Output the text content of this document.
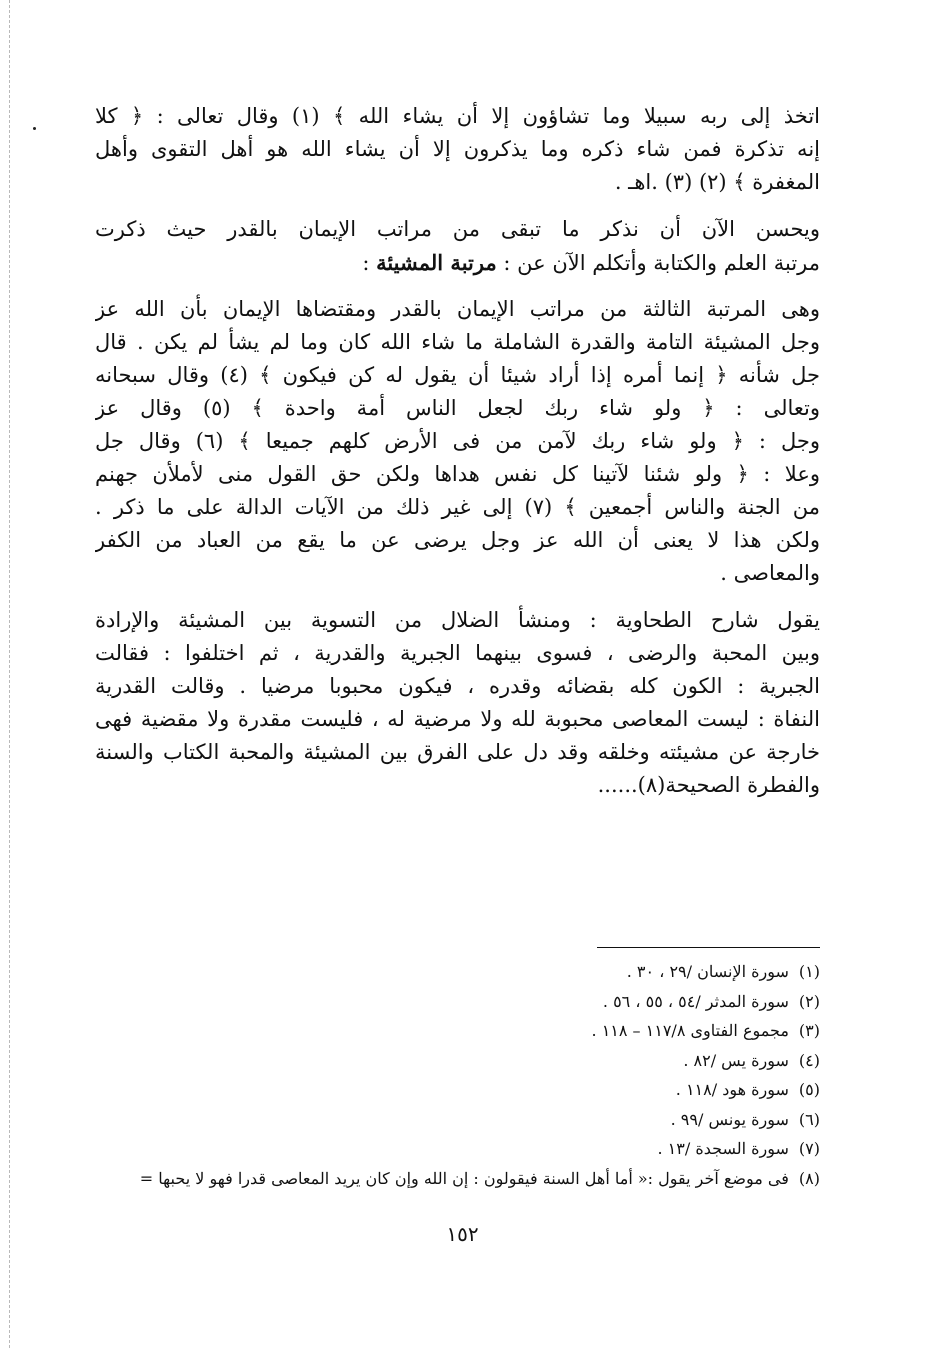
اتخذ إلى ربه سبيلا وما تشاؤون إلا أن يشاء الله ﴾ (١) وقال تعالى : ﴿ كلا
إنه تذكرة فمن شاء ذكره وما يذكرون إلا أن يشاء الله هو أهل التقوى وأهل
المغفرة ﴾ (٢) (٣) .اهـ .
ويحسن الآن أن نذكر ما تبقى من مراتب الإيمان بالقدر حيث ذكرت
مرتبة العلم والكتابة وأتكلم الآن عن : مرتبة المشيئة :
وهى المرتبة الثالثة من مراتب الإيمان بالقدر ومقتضاها الإيمان بأن الله عز
وجل المشيئة التامة والقدرة الشاملة ما شاء الله كان وما لم يشأ لم يكن . قال
جل شأنه ﴿ إنما أمره إذا أراد شيئا أن يقول له كن فيكون ﴾ (٤) وقال سبحانه
وتعالى : ﴿ ولو شاء ربك لجعل الناس أمة واحدة ﴾ (٥) وقال عز
وجل : ﴿ ولو شاء ربك لآمن من فى الأرض كلهم جميعا ﴾ (٦) وقال جل
وعلا : ﴿ ولو شئنا لآتينا كل نفس هداها ولكن حق القول منى لأملأن جهنم
من الجنة والناس أجمعين ﴾ (٧) إلى غير ذلك من الآيات الدالة على ما ذكر .
ولكن هذا لا يعنى أن الله عز وجل يرضى عن ما يقع من العباد من الكفر
والمعاصى .
يقول شارح الطحاوية : ومنشأ الضلال من التسوية بين المشيئة والإرادة
وبين المحبة والرضى ، فسوى بينهما الجبرية والقدرية ، ثم اختلفوا : فقالت
الجبرية : الكون كله بقضائه وقدره ، فيكون محبوبا مرضيا . وقالت القدرية
النفاة : ليست المعاصى محبوبة لله ولا مرضية له ، فليست مقدرة ولا مقضية فهى
خارجة عن مشيئته وخلقه وقد دل على الفرق بين المشيئة والمحبة الكتاب والسنة
والفطرة الصحيحة(٨)......
(١)سورة الإنسان /٢٩ ، ٣٠ .
(٢)سورة المدثر /٥٤ ، ٥٥ ، ٥٦ .
(٣)مجموع الفتاوى ١١٧/٨ – ١١٨ .
(٤)سورة يس /٨٢ .
(٥)سورة هود /١١٨ .
(٦)سورة يونس /٩٩ .
(٧)سورة السجدة /١٣ .
(٨)فى موضع آخر يقول :« أما أهل السنة فيقولون : إن الله وإن كان يريد المعاصى قدرا فهو لا يحبها =
١٥٢
